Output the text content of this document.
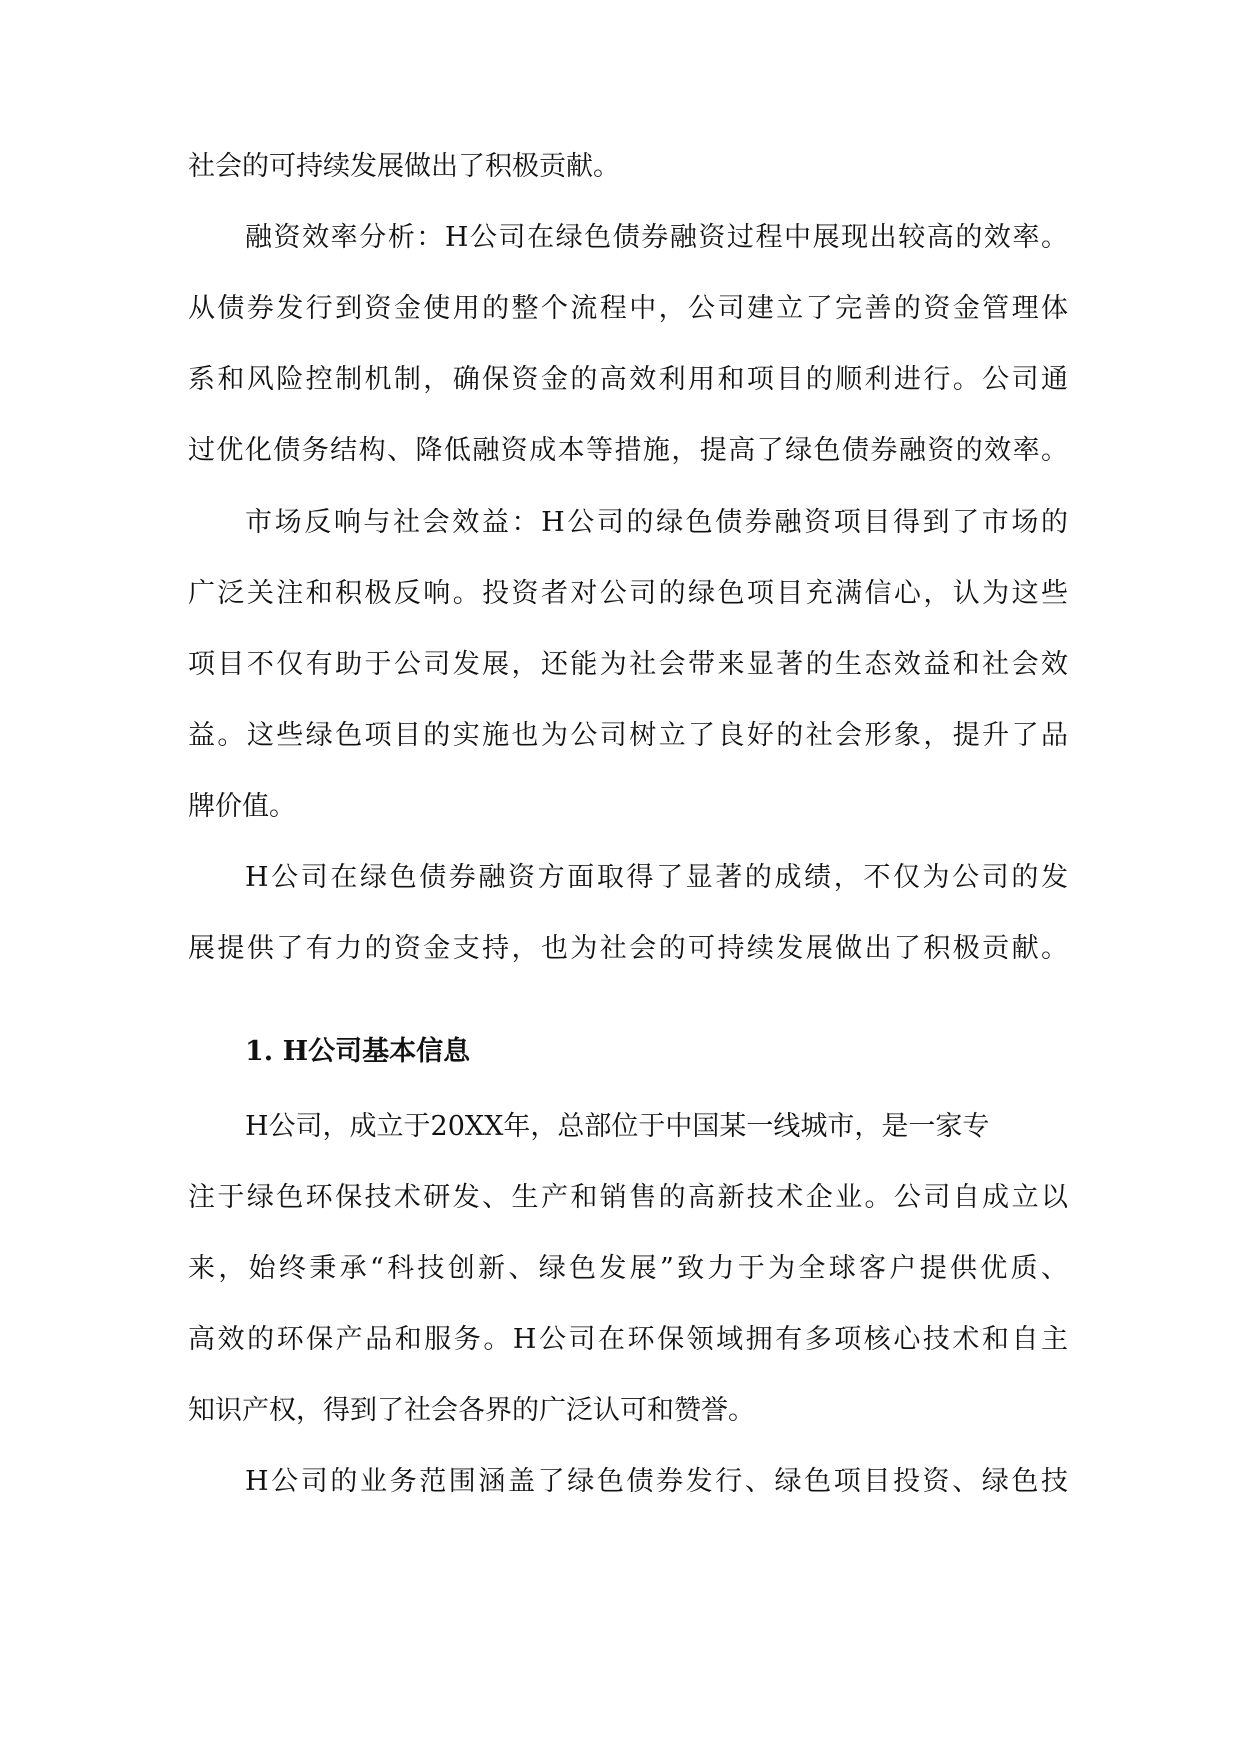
社会的可持续发展做出了积极贡献。
融资效率分析：H公司在绿色债券融资过程中展现出较高的效率。
从债券发行到资金使用的整个流程中，公司建立了完善的资金管理体
系和风险控制机制，确保资金的高效利用和项目的顺利进行。公司通
过优化债务结构、降低融资成本等措施，提高了绿色债券融资的效率。
市场反响与社会效益：H公司的绿色债券融资项目得到了市场的
广泛关注和积极反响。投资者对公司的绿色项目充满信心，认为这些
项目不仅有助于公司发展，还能为社会带来显著的生态效益和社会效
益。这些绿色项目的实施也为公司树立了良好的社会形象，提升了品
牌价值。
H公司在绿色债券融资方面取得了显著的成绩，不仅为公司的发
展提供了有力的资金支持，也为社会的可持续发展做出了积极贡献。
1. H公司基本信息
H公司，成立于20XX年，总部位于中国某一线城市，是一家专
注于绿色环保技术研发、生产和销售的高新技术企业。公司自成立以
来，始终秉承“科技创新、绿色发展”致力于为全球客户提供优质、
高效的环保产品和服务。H公司在环保领域拥有多项核心技术和自主
知识产权，得到了社会各界的广泛认可和赞誉。
H公司的业务范围涵盖了绿色债券发行、绿色项目投资、绿色技
